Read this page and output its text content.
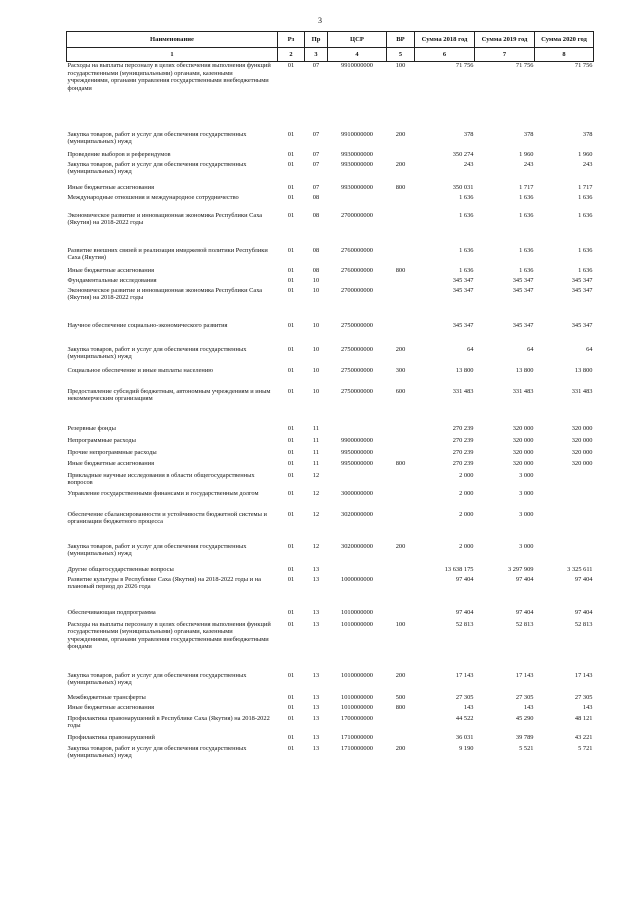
3
Наименование	Рз	Пр	ЦСР	ВР	Сумма 2018 год	Сумма 2019 год	Сумма 2020 год
1	2	3	4	5	6	7	8
Расходы на выплаты персоналу в целях обеспечения выполнения функций государственными (муниципальными) органами, казенными учреждениями, органами управления государственными внебюджетными фондами	01	07	9910000000	100	71 756	71 756	71 756
Закупка товаров, работ и услуг для обеспечения государственных (муниципальных) нужд	01	07	9910000000	200	378	378	378
Проведение выборов и референдумов	01	07	9930000000		350 274	1 960	1 960
Закупка товаров, работ и услуг для обеспечения государственных (муниципальных) нужд	01	07	9930000000	200	243	243	243
Иные бюджетные ассигнования	01	07	9930000000	800	350 031	1 717	1 717
Международные отношения и международное сотрудничество	01	08			1 636	1 636	1 636
Экономическое развитие и инновационная экономика Республики Саха (Якутия) на 2018-2022 годы	01	08	2700000000		1 636	1 636	1 636
Развитие внешних связей и реализация имиджевой политики Республики Саха (Якутия)	01	08	2760000000		1 636	1 636	1 636
Иные бюджетные ассигнования	01	08	2760000000	800	1 636	1 636	1 636
Фундаментальные исследования	01	10			345 347	345 347	345 347
Экономическое развитие и инновационная экономика Республики Саха (Якутия) на 2018-2022 годы	01	10	2700000000		345 347	345 347	345 347
Научное обеспечение социально-экономического развития	01	10	2750000000		345 347	345 347	345 347
Закупка товаров, работ и услуг для обеспечения государственных (муниципальных) нужд	01	10	2750000000	200	64	64	64
Социальное обеспечение и иные выплаты населению	01	10	2750000000	300	13 800	13 800	13 800
Предоставление субсидий бюджетным, автономным учреждениям и иным некоммерческим организациям	01	10	2750000000	600	331 483	331 483	331 483
Резервные фонды	01	11			270 239	320 000	320 000
Непрограммные расходы	01	11	9900000000		270 239	320 000	320 000
Прочие непрограммные расходы	01	11	9950000000		270 239	320 000	320 000
Иные бюджетные ассигнования	01	11	9950000000	800	270 239	320 000	320 000
Прикладные научные исследования в области общегосударственных вопросов	01	12			2 000	3 000	
Управление государственными финансами и государственным долгом	01	12	3000000000		2 000	3 000	
Обеспечение сбалансированности и устойчивости бюджетной системы и организации бюджетного процесса	01	12	3020000000		2 000	3 000	
Закупка товаров, работ и услуг для обеспечения государственных (муниципальных) нужд	01	12	3020000000	200	2 000	3 000	
Другие общегосударственные вопросы	01	13			13 638 175	3 297 909	3 325 611
Развитие культуры в Республике Саха (Якутия) на 2018-2022 годы и на плановый период до 2026 года	01	13	1000000000		97 404	97 404	97 404
Обеспечивающая подпрограмма	01	13	1010000000		97 404	97 404	97 404
Расходы на выплаты персоналу в целях обеспечения выполнения функций государственными (муниципальными) органами, казенными учреждениями, органами управления государственными внебюджетными фондами	01	13	1010000000	100	52 813	52 813	52 813
Закупка товаров, работ и услуг для обеспечения государственных (муниципальных) нужд	01	13	1010000000	200	17 143	17 143	17 143
Межбюджетные трансферты	01	13	1010000000	500	27 305	27 305	27 305
Иные бюджетные ассигнования	01	13	1010000000	800	143	143	143
Профилактика правонарушений в Республике Саха (Якутия) на 2018-2022 годы	01	13	1700000000		44 522	45 290	48 121
Профилактика правонарушений	01	13	1710000000		36 031	39 789	43 221
Закупка товаров, работ и услуг для обеспечения государственных (муниципальных) нужд	01	13	1710000000	200	9 190	5 521	5 721
